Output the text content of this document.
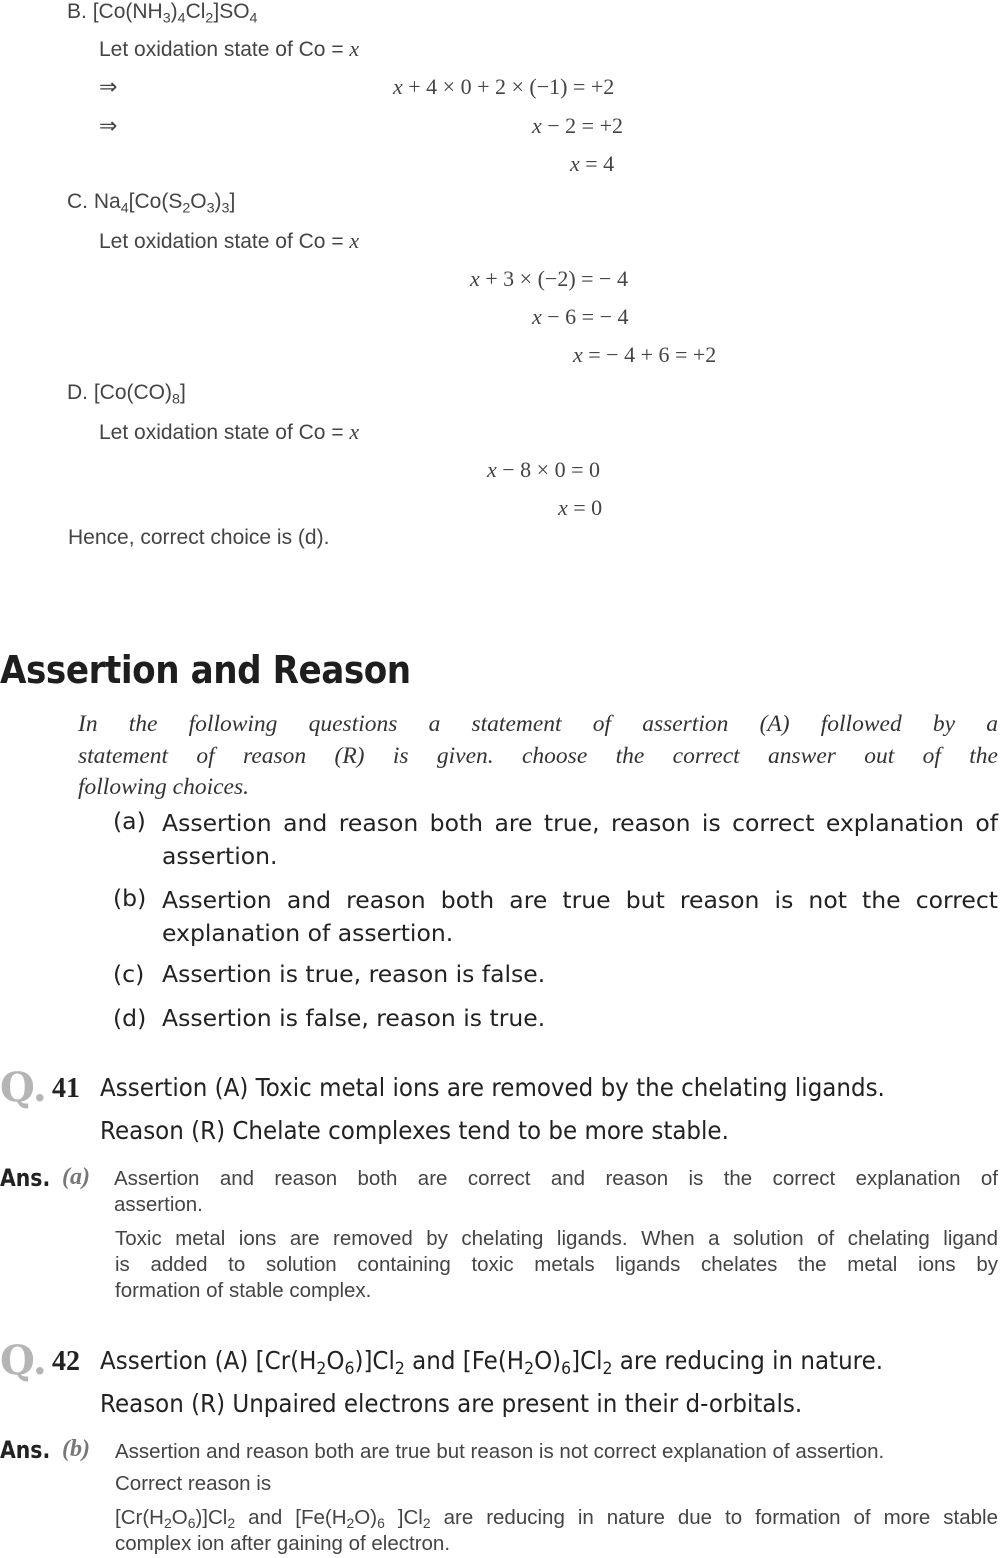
B. $[Co(NH_3)_4Cl_2]SO_4$
Let oxidation state of Co = x
⇒	x + 4 × 0 + 2 × (−1) = +2
⇒	x − 2 = +2
x = 4
C. $Na_4[Co(S_2O_3)_3]$
Let oxidation state of Co = x
x + 3 × (−2) = − 4
x − 6 = − 4
x = − 4 + 6 = +2
D. $[Co(CO)_8]$
Let oxidation state of Co = x
x − 8 × 0 = 0
x = 0
Hence, correct choice is (d).
Assertion and Reason
In the following questions a statement of assertion (A) followed by a
statement of reason (R) is given. choose the correct answer out of the
following choices.
(a) Assertion and reason both are true, reason is correct explanation of
assertion.
(b) Assertion and reason both are true but reason is not the correct
explanation of assertion.
(c) Assertion is true, reason is false.
(d) Assertion is false, reason is true.
Q. 41 Assertion (A) Toxic metal ions are removed by the chelating ligands.
Reason (R) Chelate complexes tend to be more stable.
Ans. (a) Assertion and reason both are correct and reason is the correct explanation of
assertion.
Toxic metal ions are removed by chelating ligands. When a solution of chelating ligand
is added to solution containing toxic metals ligands chelates the metal ions by
formation of stable complex.
Q. 42 Assertion (A) $[Cr(H_2O_6)]Cl_2$ and $[Fe(H_2O)_6]Cl_2$ are reducing in nature.
Reason (R) Unpaired electrons are present in their d-orbitals.
Ans. (b) Assertion and reason both are true but reason is not correct explanation of assertion.
Correct reason is
$[Cr(H_2O_6)]Cl_2$ and [$Fe(H_2O)_6$ ]$Cl_2$ are reducing in nature due to formation of more stable
complex ion after gaining of electron.
